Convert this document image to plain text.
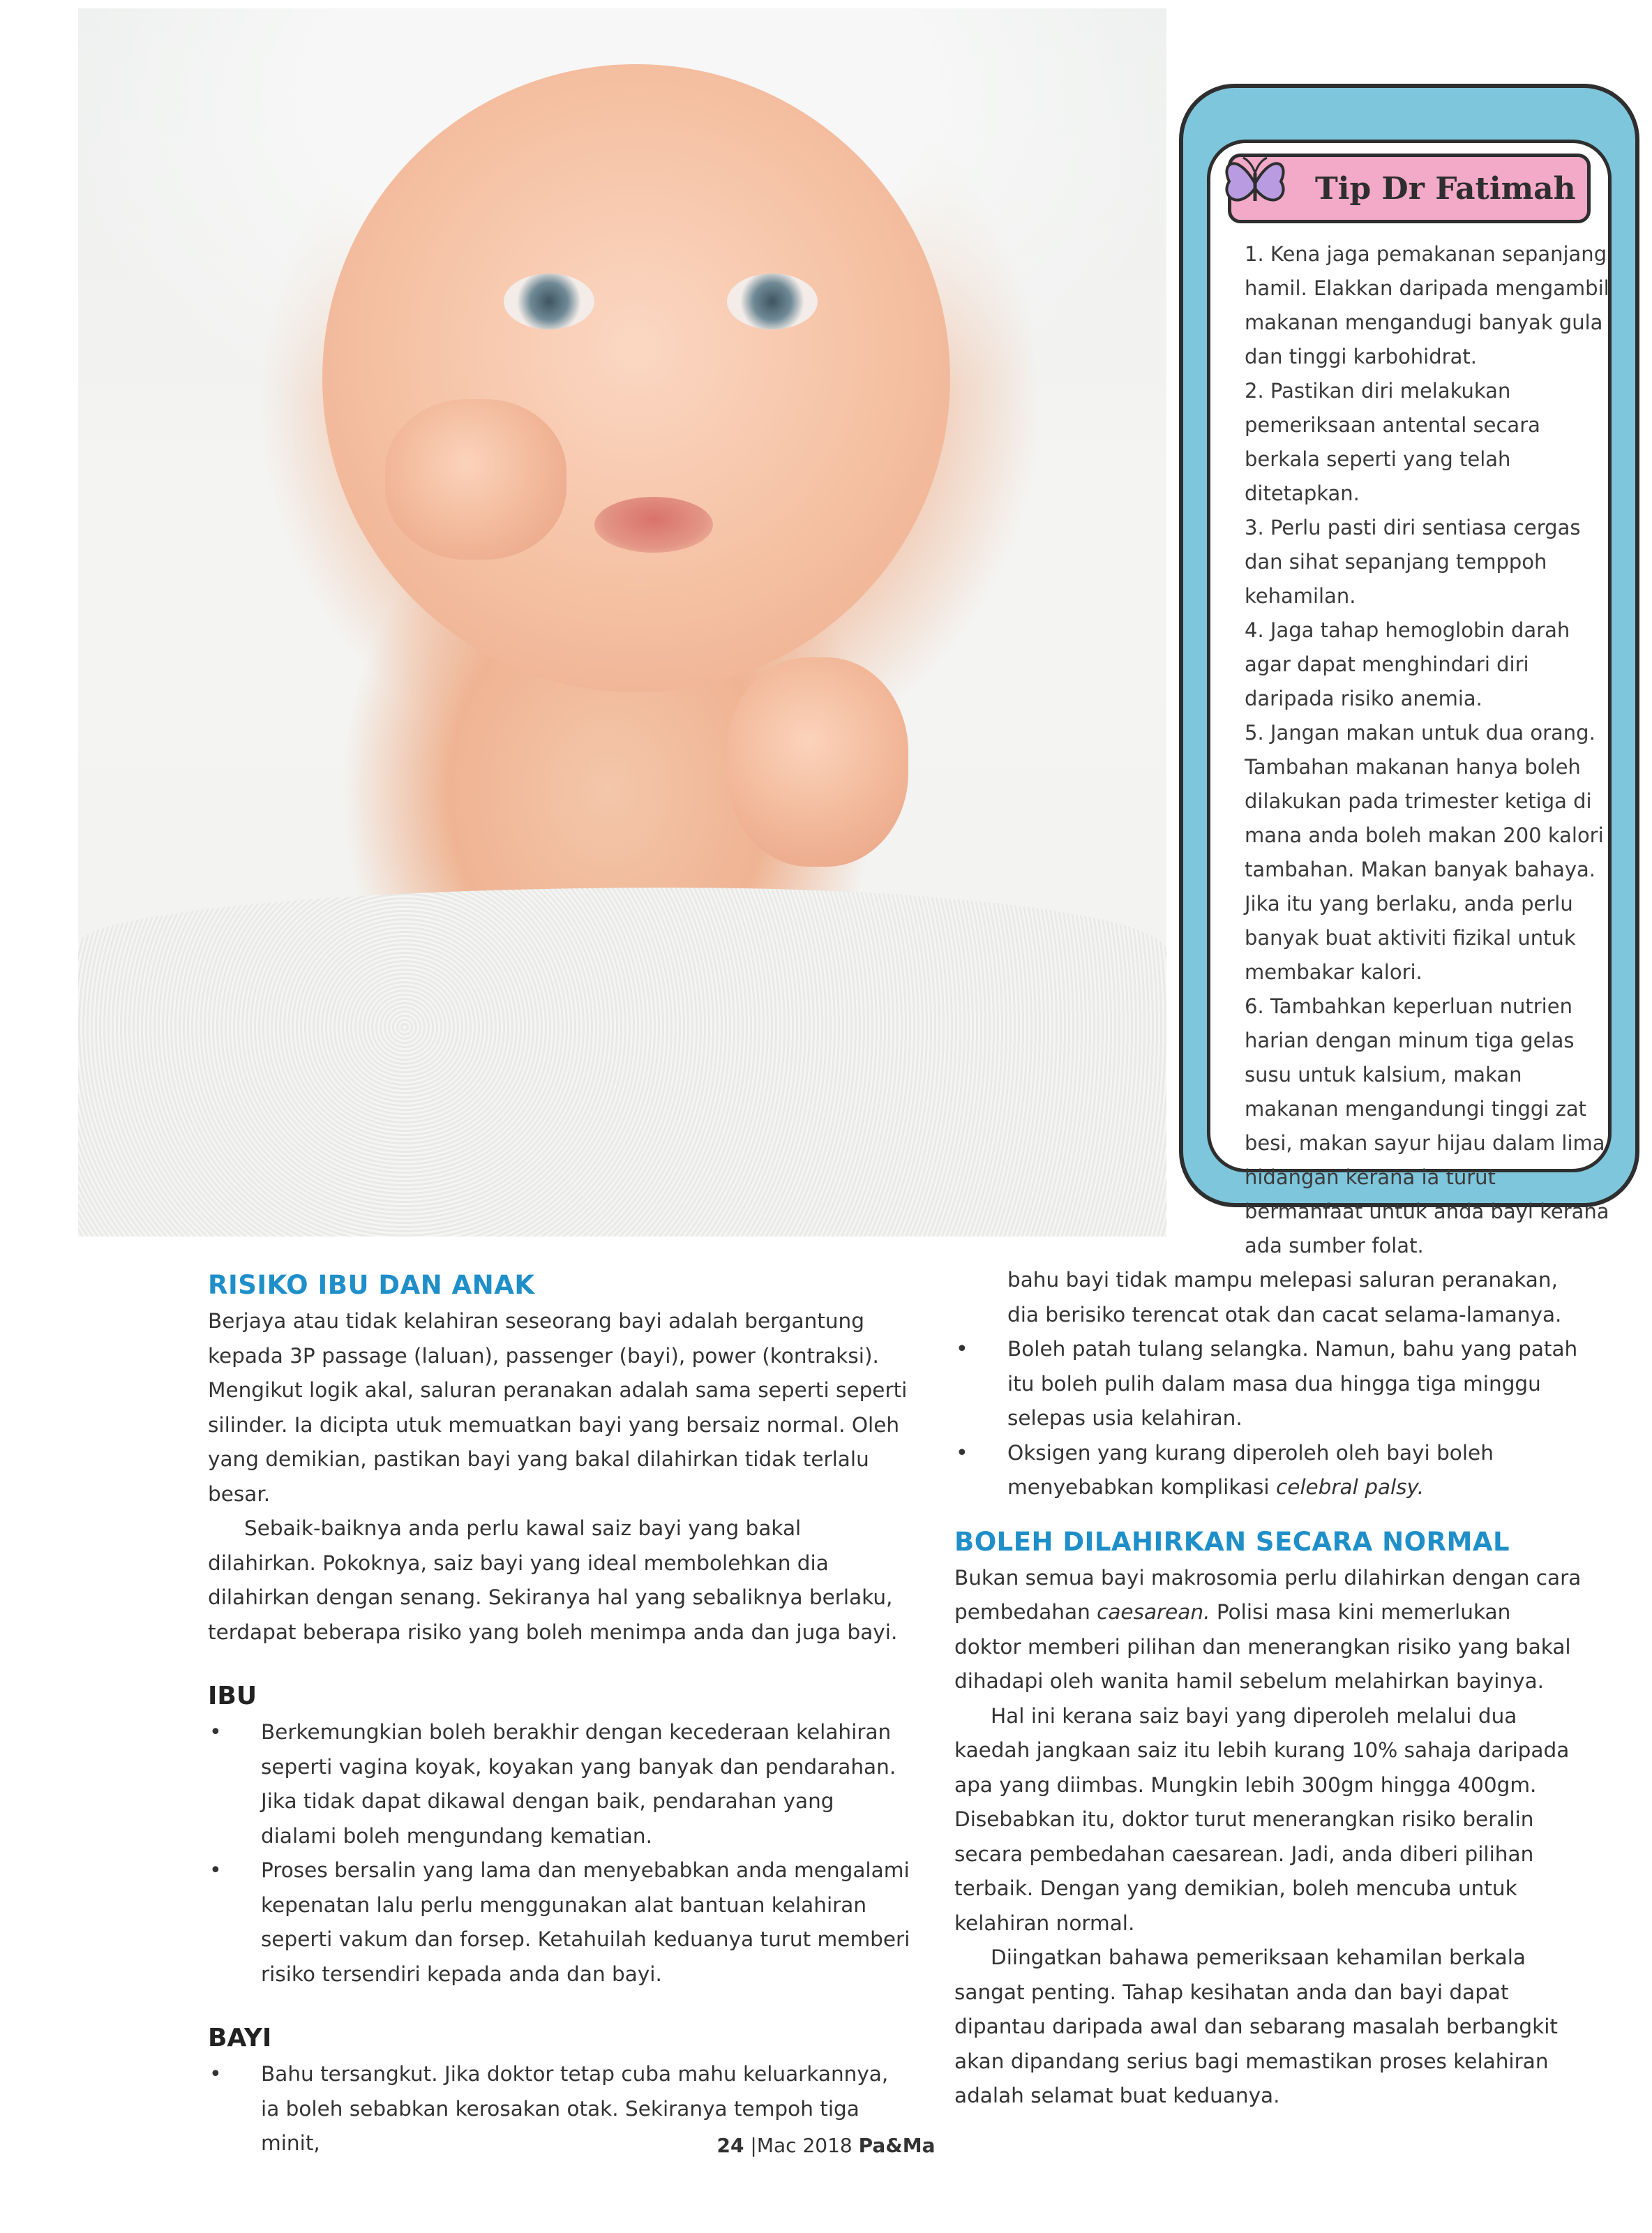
Tip Dr Fatimah
1. Kena jaga pemakanan sepanjang hamil. Elakkan daripada mengambil makanan mengandugi banyak gula dan tinggi karbohidrat.
2. Pastikan diri melakukan pemeriksaan antental secara berkala seperti yang telah ditetapkan.
3. Perlu pasti diri sentiasa cergas dan sihat sepanjang temppoh kehamilan.
4. Jaga tahap hemoglobin darah agar dapat menghindari diri daripada risiko anemia.
5. Jangan makan untuk dua orang. Tambahan makanan hanya boleh dilakukan pada trimester ketiga di mana anda boleh makan 200 kalori tambahan. Makan banyak bahaya. Jika itu yang berlaku, anda perlu banyak buat aktiviti fizikal untuk membakar kalori.
6. Tambahkan keperluan nutrien harian dengan minum tiga gelas susu untuk kalsium, makan makanan mengandungi tinggi zat besi, makan sayur hijau dalam lima hidangan kerana ia turut bermanfaat untuk anda bayi kerana ada sumber folat.
RISIKO IBU DAN ANAK

Berjaya atau tidak kelahiran seseorang bayi adalah bergantung kepada 3P passage (laluan), passenger (bayi), power (kontraksi). Mengikut logik akal, saluran peranakan adalah sama seperti seperti silinder. Ia dicipta utuk memuatkan bayi yang bersaiz normal. Oleh yang demikian, pastikan bayi yang bakal dilahirkan tidak terlalu besar.

Sebaik-baiknya anda perlu kawal saiz bayi yang bakal dilahirkan. Pokoknya, saiz bayi yang ideal membolehkan dia dilahirkan dengan senang. Sekiranya hal yang sebaliknya berlaku, terdapat beberapa risiko yang boleh menimpa anda dan juga bayi.

IBU
• Berkemungkian boleh berakhir dengan kecederaan kelahiran seperti vagina koyak, koyakan yang banyak dan pendarahan. Jika tidak dapat dikawal dengan baik, pendarahan yang dialami boleh mengundang kematian.
• Proses bersalin yang lama dan menyebabkan anda mengalami kepenatan lalu perlu menggunakan alat bantuan kelahiran seperti vakum dan forsep. Ketahuilah keduanya turut memberi risiko tersendiri kepada anda dan bayi.
BAYI
• Bahu tersangkut. Jika doktor tetap cuba mahu keluarkannya, ia boleh sebabkan kerosakan otak. Sekiranya tempoh tiga minit,

bahu bayi tidak mampu melepasi saluran peranakan, dia berisiko terencat otak dan cacat selama-lamanya.

• Boleh patah tulang selangka. Namun, bahu yang patah itu boleh pulih dalam masa dua hingga tiga minggu selepas usia kelahiran.
• Oksigen yang kurang diperoleh oleh bayi boleh menyebabkan komplikasi celebral palsy.
BOLEH DILAHIRKAN SECARA NORMAL

Bukan semua bayi makrosomia perlu dilahirkan dengan cara pembedahan caesarean. Polisi masa kini memerlukan doktor memberi pilihan dan menerangkan risiko yang bakal dihadapi oleh wanita hamil sebelum melahirkan bayinya.

Hal ini kerana saiz bayi yang diperoleh melalui dua kaedah jangkaan saiz itu lebih kurang 10% sahaja daripada apa yang diimbas. Mungkin lebih 300gm hingga 400gm. Disebabkan itu, doktor turut menerangkan risiko beralin secara pembedahan caesarean. Jadi, anda diberi pilihan terbaik. Dengan yang demikian, boleh mencuba untuk kelahiran normal.

Diingatkan bahawa pemeriksaan kehamilan berkala sangat penting. Tahap kesihatan anda dan bayi dapat dipantau daripada awal dan sebarang masalah berbangkit akan dipandang serius bagi memastikan proses kelahiran adalah selamat buat keduanya.

24 |Mac 2018 Pa&Ma
